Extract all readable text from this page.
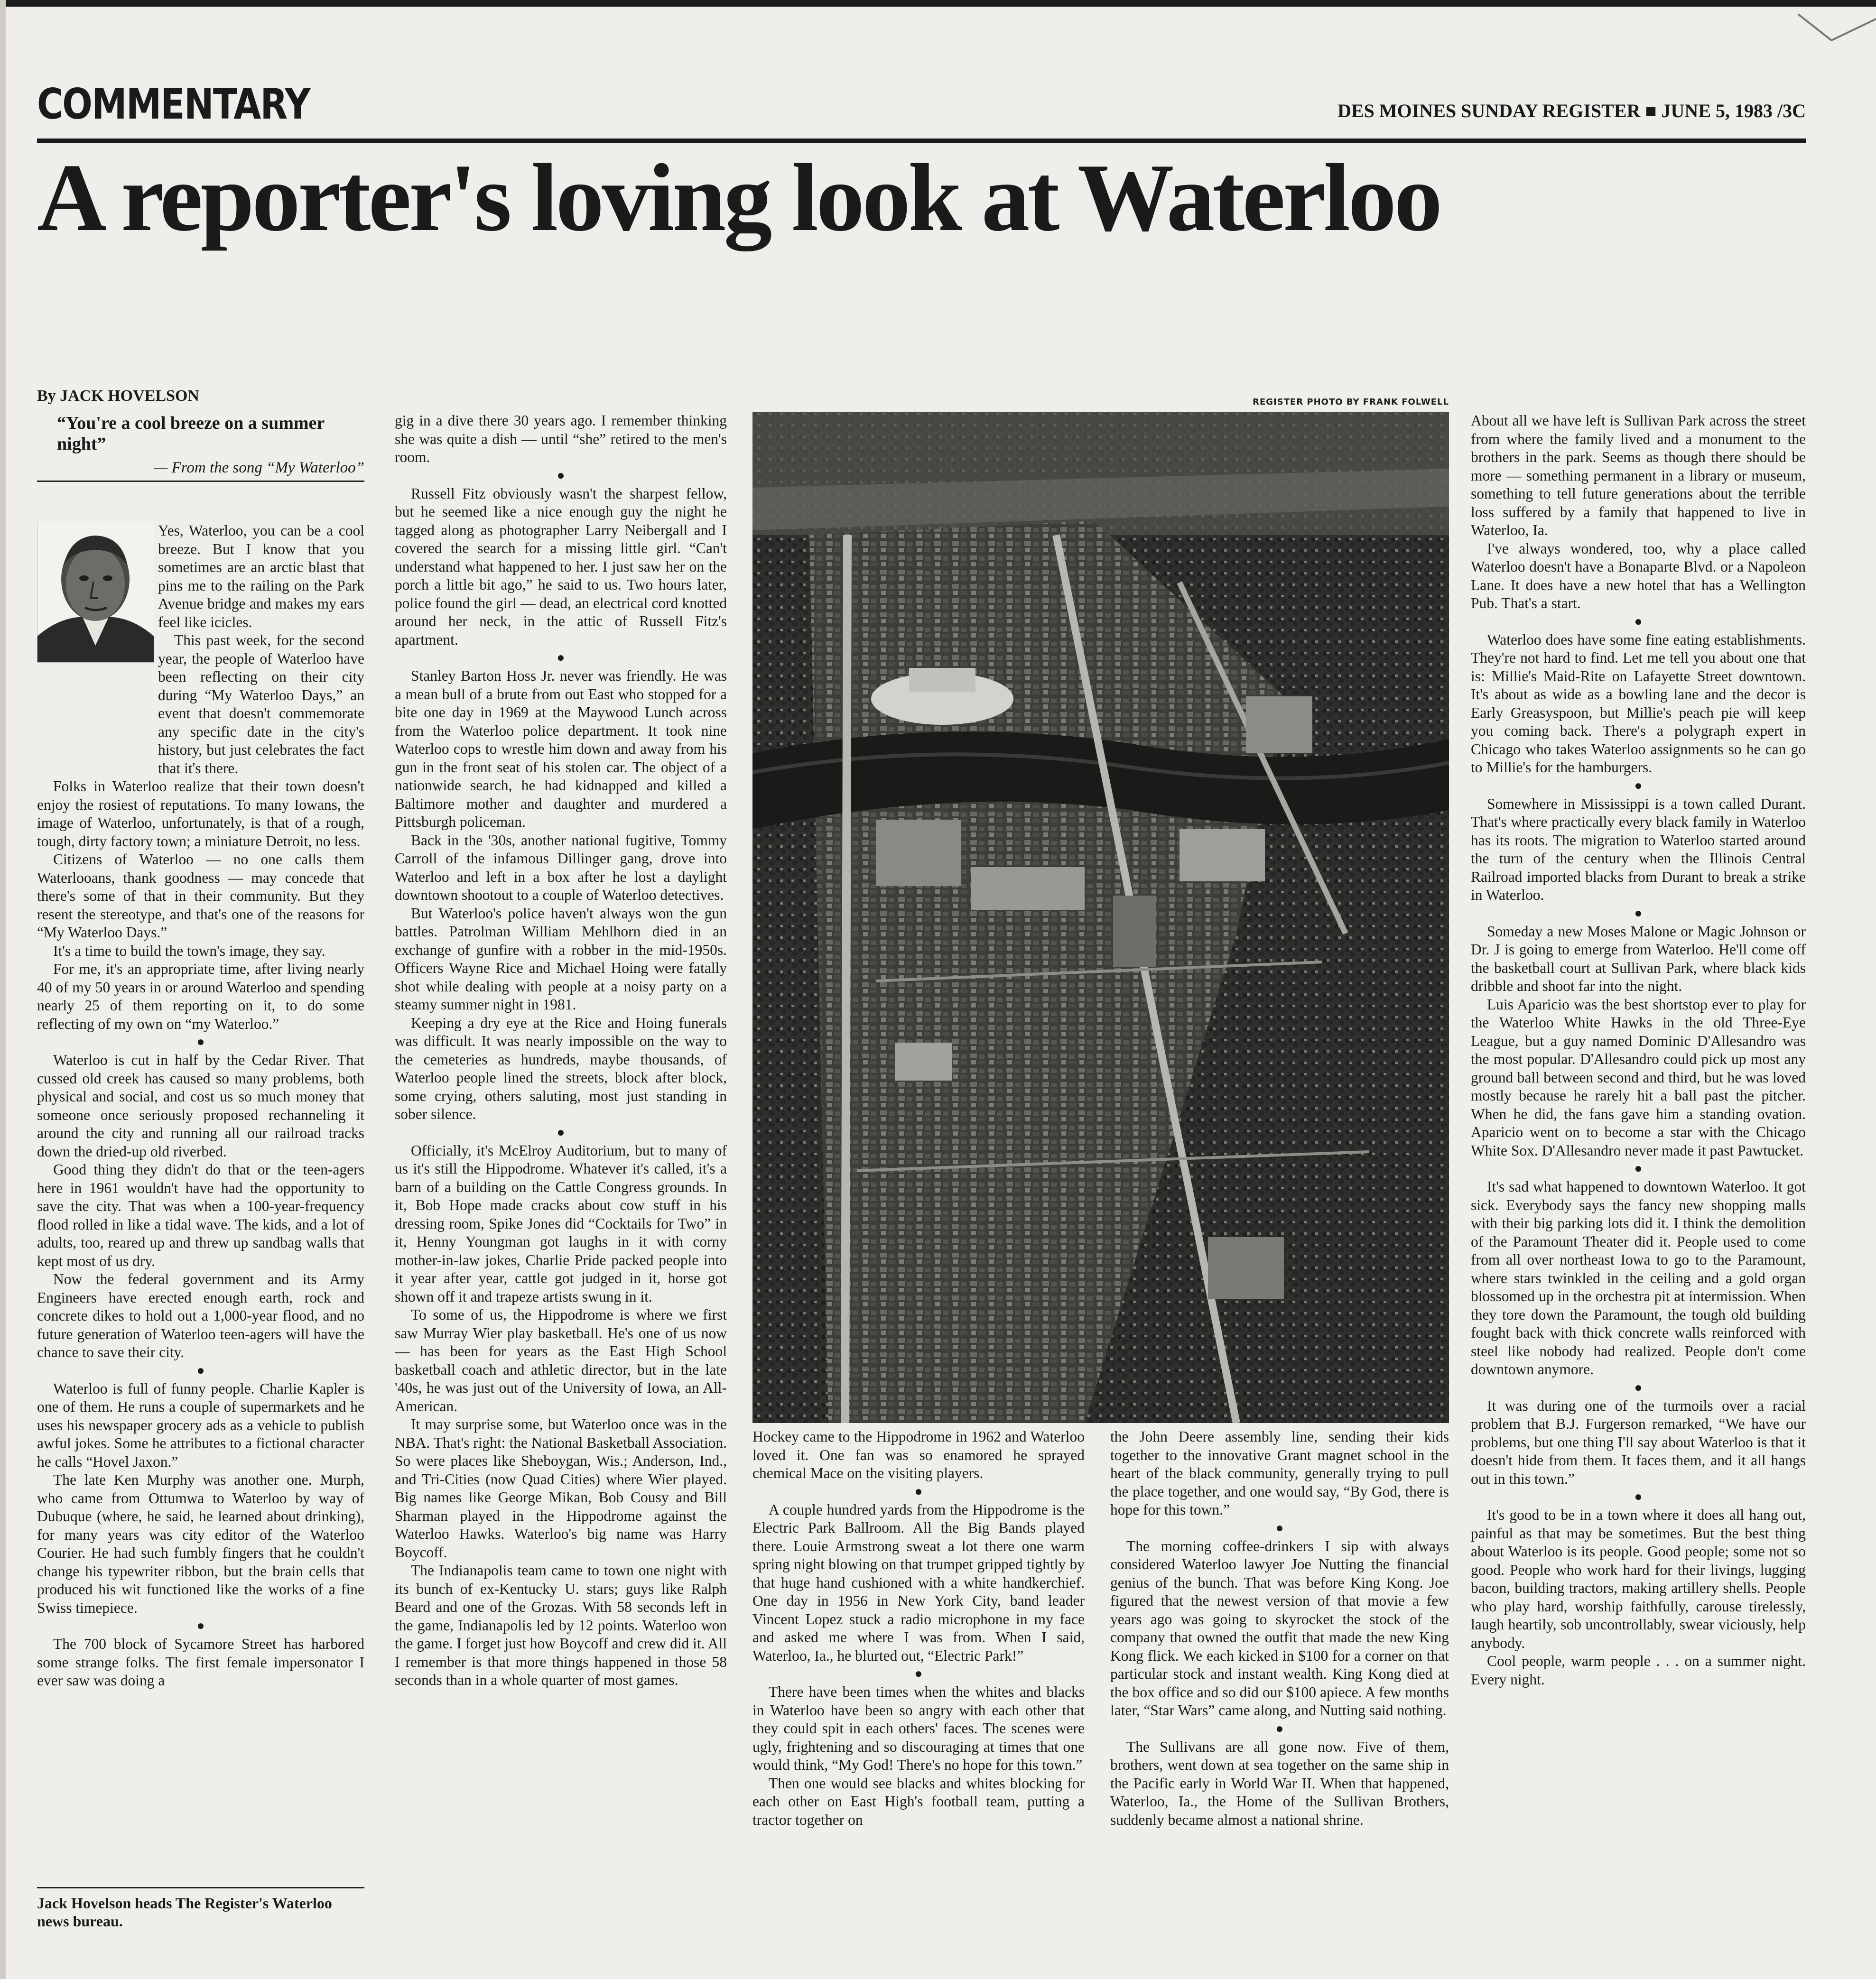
COMMENTARY	DES MOINES SUNDAY REGISTER ■ JUNE 5, 1983 /3C
A reporter's loving look at Waterloo
By JACK HOVELSON
“You're a cool breeze on a summer night”
— From the song “My Waterloo”

Yes, Waterloo, you can be a cool breeze. But I know that you sometimes are an arctic blast that pins me to the railing on the Park Avenue bridge and makes my ears feel like icicles.

This past week, for the second year, the people of Waterloo have been reflecting on their city during “My Waterloo Days,” an event that doesn't commemorate any specific date in the city's history, but just celebrates the fact that it's there.

Folks in Waterloo realize that their town doesn't enjoy the rosiest of reputations. To many Iowans, the image of Waterloo, unfortunately, is that of a rough, tough, dirty factory town; a miniature Detroit, no less.

Citizens of Waterloo — no one calls them Waterlooans, thank goodness — may concede that there's some of that in their community. But they resent the stereotype, and that's one of the reasons for “My Waterloo Days.”

It's a time to build the town's image, they say.

For me, it's an appropriate time, after living nearly 40 of my 50 years in or around Waterloo and spending nearly 25 of them reporting on it, to do some reflecting of my own on “my Waterloo.”

●

Waterloo is cut in half by the Cedar River. That cussed old creek has caused so many problems, both physical and social, and cost us so much money that someone once seriously proposed rechanneling it around the city and running all our railroad tracks down the dried-up old riverbed.

Good thing they didn't do that or the teen-agers here in 1961 wouldn't have had the opportunity to save the city. That was when a 100-year-frequency flood rolled in like a tidal wave. The kids, and a lot of adults, too, reared up and threw up sandbag walls that kept most of us dry.

Now the federal government and its Army Engineers have erected enough earth, rock and concrete dikes to hold out a 1,000-year flood, and no future generation of Waterloo teen-agers will have the chance to save their city.

●

Waterloo is full of funny people. Charlie Kapler is one of them. He runs a couple of supermarkets and he uses his newspaper grocery ads as a vehicle to publish awful jokes. Some he attributes to a fictional character he calls “Hovel Jaxon.”

The late Ken Murphy was another one. Murph, who came from Ottumwa to Waterloo by way of Dubuque (where, he said, he learned about drinking), for many years was city editor of the Waterloo Courier. He had such fumbly fingers that he couldn't change his typewriter ribbon, but the brain cells that produced his wit functioned like the works of a fine Swiss timepiece.

●

The 700 block of Sycamore Street has harbored some strange folks. The first female impersonator I ever saw was doing a

Jack Hovelson heads The Register's Waterloo news bureau.

gig in a dive there 30 years ago. I remember thinking she was quite a dish — until “she” retired to the men's room.

●

Russell Fitz obviously wasn't the sharpest fellow, but he seemed like a nice enough guy the night he tagged along as photographer Larry Neibergall and I covered the search for a missing little girl. “Can't understand what happened to her. I just saw her on the porch a little bit ago,” he said to us. Two hours later, police found the girl — dead, an electrical cord knotted around her neck, in the attic of Russell Fitz's apartment.

●

Stanley Barton Hoss Jr. never was friendly. He was a mean bull of a brute from out East who stopped for a bite one day in 1969 at the Maywood Lunch across from the Waterloo police department. It took nine Waterloo cops to wrestle him down and away from his gun in the front seat of his stolen car. The object of a nationwide search, he had kidnapped and killed a Baltimore mother and daughter and murdered a Pittsburgh policeman.

Back in the '30s, another national fugitive, Tommy Carroll of the infamous Dillinger gang, drove into Waterloo and left in a box after he lost a daylight downtown shootout to a couple of Waterloo detectives.

But Waterloo's police haven't always won the gun battles. Patrolman William Mehlhorn died in an exchange of gunfire with a robber in the mid-1950s. Officers Wayne Rice and Michael Hoing were fatally shot while dealing with people at a noisy party on a steamy summer night in 1981.

Keeping a dry eye at the Rice and Hoing funerals was difficult. It was nearly impossible on the way to the cemeteries as hundreds, maybe thousands, of Waterloo people lined the streets, block after block, some crying, others saluting, most just standing in sober silence.

●

Officially, it's McElroy Auditorium, but to many of us it's still the Hippodrome. Whatever it's called, it's a barn of a building on the Cattle Congress grounds. In it, Bob Hope made cracks about cow stuff in his dressing room, Spike Jones did “Cocktails for Two” in it, Henny Youngman got laughs in it with corny mother-in-law jokes, Charlie Pride packed people into it year after year, cattle got judged in it, horse got shown off it and trapeze artists swung in it.

To some of us, the Hippodrome is where we first saw Murray Wier play basketball. He's one of us now — has been for years as the East High School basketball coach and athletic director, but in the late '40s, he was just out of the University of Iowa, an All-American.

It may surprise some, but Waterloo once was in the NBA. That's right: the National Basketball Association. So were places like Sheboygan, Wis.; Anderson, Ind., and Tri-Cities (now Quad Cities) where Wier played. Big names like George Mikan, Bob Cousy and Bill Sharman played in the Hippodrome against the Waterloo Hawks. Waterloo's big name was Harry Boycoff.

The Indianapolis team came to town one night with its bunch of ex-Kentucky U. stars; guys like Ralph Beard and one of the Grozas. With 58 seconds left in the game, Indianapolis led by 12 points. Waterloo won the game. I forget just how Boycoff and crew did it. All I remember is that more things happened in those 58 seconds than in a whole quarter of most games.

REGISTER PHOTO BY FRANK FOLWELL

Hockey came to the Hippodrome in 1962 and Waterloo loved it. One fan was so enamored he sprayed chemical Mace on the visiting players.

●

A couple hundred yards from the Hippodrome is the Electric Park Ballroom. All the Big Bands played there. Louie Armstrong sweat a lot there one warm spring night blowing on that trumpet gripped tightly by that huge hand cushioned with a white handkerchief. One day in 1956 in New York City, band leader Vincent Lopez stuck a radio microphone in my face and asked me where I was from. When I said, Waterloo, Ia., he blurted out, “Electric Park!”

●

There have been times when the whites and blacks in Waterloo have been so angry with each other that they could spit in each others' faces. The scenes were ugly, frightening and so discouraging at times that one would think, “My God! There's no hope for this town.”

Then one would see blacks and whites blocking for each other on East High's football team, putting a tractor together on

the John Deere assembly line, sending their kids together to the innovative Grant magnet school in the heart of the black community, generally trying to pull the place together, and one would say, “By God, there is hope for this town.”

●

The morning coffee-drinkers I sip with always considered Waterloo lawyer Joe Nutting the financial genius of the bunch. That was before King Kong. Joe figured that the newest version of that movie a few years ago was going to skyrocket the stock of the company that owned the outfit that made the new King Kong flick. We each kicked in $100 for a corner on that particular stock and instant wealth. King Kong died at the box office and so did our $100 apiece. A few months later, “Star Wars” came along, and Nutting said nothing.

●

The Sullivans are all gone now. Five of them, brothers, went down at sea together on the same ship in the Pacific early in World War II. When that happened, Waterloo, Ia., the Home of the Sullivan Brothers, suddenly became almost a national shrine.

About all we have left is Sullivan Park across the street from where the family lived and a monument to the brothers in the park. Seems as though there should be more — something permanent in a library or museum, something to tell future generations about the terrible loss suffered by a family that happened to live in Waterloo, Ia.

I've always wondered, too, why a place called Waterloo doesn't have a Bonaparte Blvd. or a Napoleon Lane. It does have a new hotel that has a Wellington Pub. That's a start.

●

Waterloo does have some fine eating establishments. They're not hard to find. Let me tell you about one that is: Millie's Maid-Rite on Lafayette Street downtown. It's about as wide as a bowling lane and the decor is Early Greasyspoon, but Millie's peach pie will keep you coming back. There's a polygraph expert in Chicago who takes Waterloo assignments so he can go to Millie's for the hamburgers.

●

Somewhere in Mississippi is a town called Durant. That's where practically every black family in Waterloo has its roots. The migration to Waterloo started around the turn of the century when the Illinois Central Railroad imported blacks from Durant to break a strike in Waterloo.

●

Someday a new Moses Malone or Magic Johnson or Dr. J is going to emerge from Waterloo. He'll come off the basketball court at Sullivan Park, where black kids dribble and shoot far into the night.

Luis Aparicio was the best shortstop ever to play for the Waterloo White Hawks in the old Three-Eye League, but a guy named Dominic D'Allesandro was the most popular. D'Allesandro could pick up most any ground ball between second and third, but he was loved mostly because he rarely hit a ball past the pitcher. When he did, the fans gave him a standing ovation. Aparicio went on to become a star with the Chicago White Sox. D'Allesandro never made it past Pawtucket.

●

It's sad what happened to downtown Waterloo. It got sick. Everybody says the fancy new shopping malls with their big parking lots did it. I think the demolition of the Paramount Theater did it. People used to come from all over northeast Iowa to go to the Paramount, where stars twinkled in the ceiling and a gold organ blossomed up in the orchestra pit at intermission. When they tore down the Paramount, the tough old building fought back with thick concrete walls reinforced with steel like nobody had realized. People don't come downtown anymore.

●

It was during one of the turmoils over a racial problem that B.J. Furgerson remarked, “We have our problems, but one thing I'll say about Waterloo is that it doesn't hide from them. It faces them, and it all hangs out in this town.”

●

It's good to be in a town where it does all hang out, painful as that may be sometimes. But the best thing about Waterloo is its people. Good people; some not so good. People who work hard for their livings, lugging bacon, building tractors, making artillery shells. People who play hard, worship faithfully, carouse tirelessly, laugh heartily, sob uncontrollably, swear viciously, help anybody.

Cool people, warm people . . . on a summer night. Every night.
